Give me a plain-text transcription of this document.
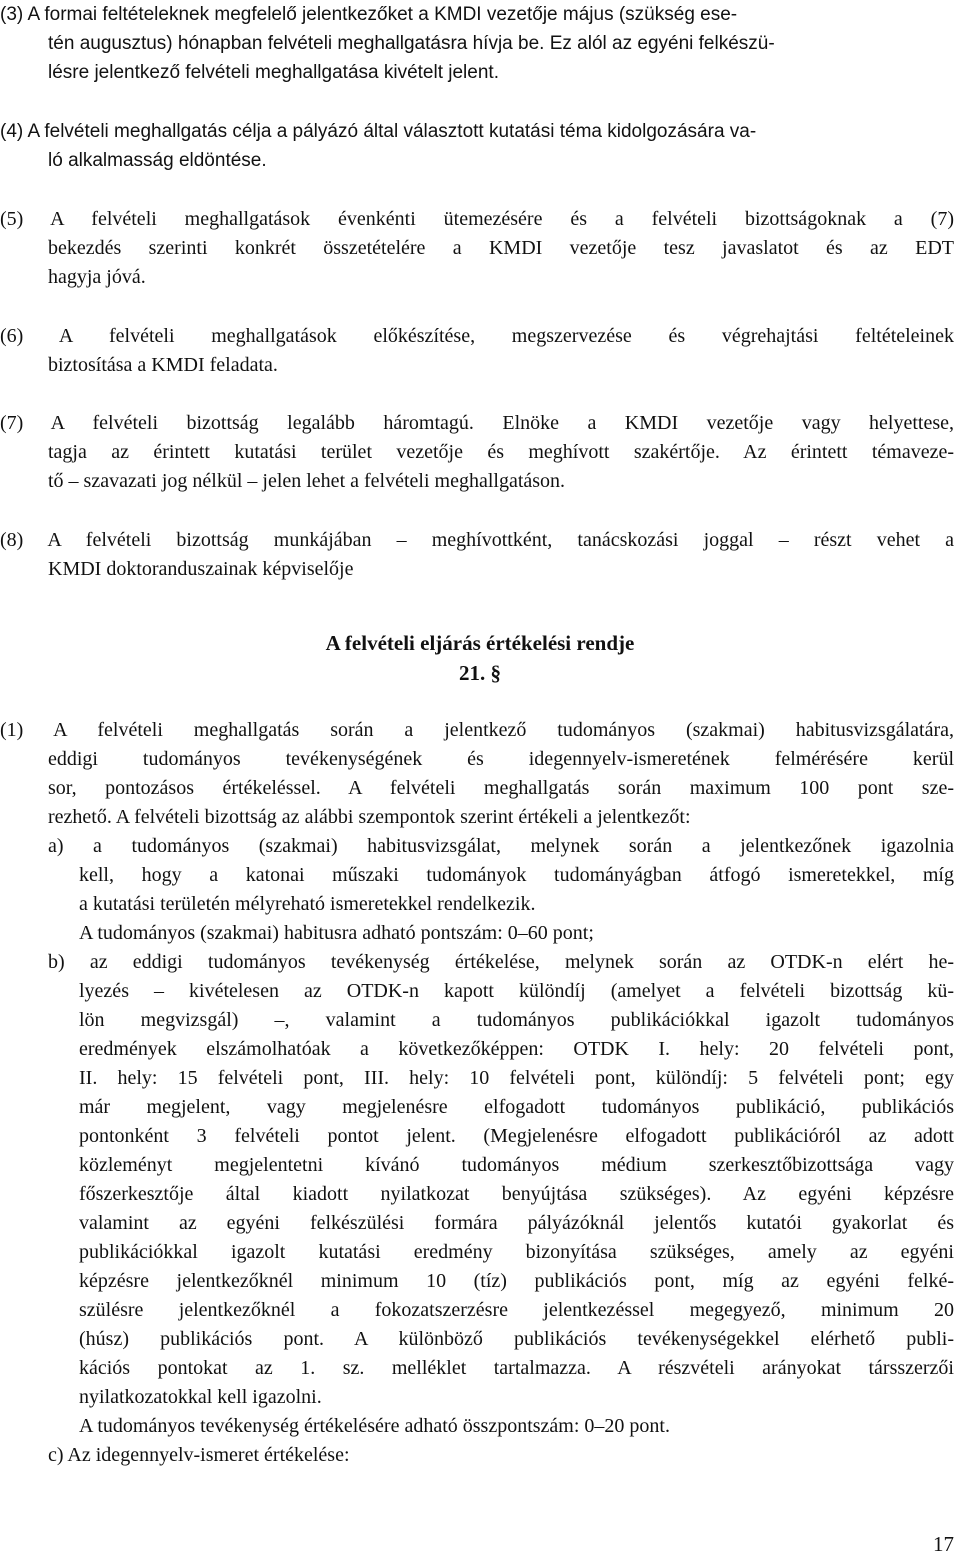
(3) A formai feltételeknek megfelelő jelentkezőket a KMDI vezetője május (szükség ese-
tén augusztus) hónapban felvételi meghallgatásra hívja be. Ez alól az egyéni felkészü-
lésre jelentkező felvételi meghallgatása kivételt jelent.
(4) A felvételi meghallgatás célja a pályázó által választott kutatási téma kidolgozására va-
ló alkalmasság eldöntése.
(5) A felvételi meghallgatások évenkénti ütemezésére és a felvételi bizottságoknak a (7)
bekezdés szerinti konkrét összetételére a KMDI vezetője tesz javaslatot és az EDT
hagyja jóvá.
(6) A felvételi meghallgatások előkészítése, megszervezése és végrehajtási feltételeinek
biztosítása a KMDI feladata.
(7) A felvételi bizottság legalább háromtagú. Elnöke a KMDI vezetője vagy helyettese,
tagja az érintett kutatási terület vezetője és meghívott szakértője. Az érintett témaveze-
tő – szavazati jog nélkül – jelen lehet a felvételi meghallgatáson.
(8) A felvételi bizottság munkájában – meghívottként, tanácskozási joggal – részt vehet a
KMDI doktoranduszainak képviselője
A felvételi eljárás értékelési rendje
21. §
(1) A felvételi meghallgatás során a jelentkező tudományos (szakmai) habitusvizsgálatára,
eddigi tudományos tevékenységének és idegennyelv-ismeretének felmérésére kerül
sor, pontozásos értékeléssel. A felvételi meghallgatás során maximum 100 pont sze-
rezhető. A felvételi bizottság az alábbi szempontok szerint értékeli a jelentkezőt:
a) a tudományos (szakmai) habitusvizsgálat, melynek során a jelentkezőnek igazolnia
kell, hogy a katonai műszaki tudományok tudományágban átfogó ismeretekkel, míg
a kutatási területén mélyreható ismeretekkel rendelkezik.
A tudományos (szakmai) habitusra adható pontszám: 0–60 pont;
b) az eddigi tudományos tevékenység értékelése, melynek során az OTDK-n elért he-
lyezés – kivételesen az OTDK-n kapott különdíj (amelyet a felvételi bizottság kü-
lön megvizsgál) –, valamint a tudományos publikációkkal igazolt tudományos
eredmények elszámolhatóak a következőképpen: OTDK I. hely: 20 felvételi pont,
II. hely: 15 felvételi pont, III. hely: 10 felvételi pont, különdíj: 5 felvételi pont; egy
már megjelent, vagy megjelenésre elfogadott tudományos publikáció, publikációs
pontonként 3 felvételi pontot jelent. (Megjelenésre elfogadott publikációról az adott
közleményt megjelentetni kívánó tudományos médium szerkesztőbizottsága vagy
főszerkesztője által kiadott nyilatkozat benyújtása szükséges). Az egyéni képzésre
valamint az egyéni felkészülési formára pályázóknál jelentős kutatói gyakorlat és
publikációkkal igazolt kutatási eredmény bizonyítása szükséges, amely az egyéni
képzésre jelentkezőknél minimum 10 (tíz) publikációs pont, míg az egyéni felké-
szülésre jelentkezőknél a fokozatszerzésre jelentkezéssel megegyező, minimum 20
(húsz) publikációs pont. A különböző publikációs tevékenységekkel elérhető publi-
kációs pontokat az 1. sz. melléklet tartalmazza. A részvételi arányokat társszerzői
nyilatkozatokkal kell igazolni.
A tudományos tevékenység értékelésére adható összpontszám: 0–20 pont.
c) Az idegennyelv-ismeret értékelése:
17
